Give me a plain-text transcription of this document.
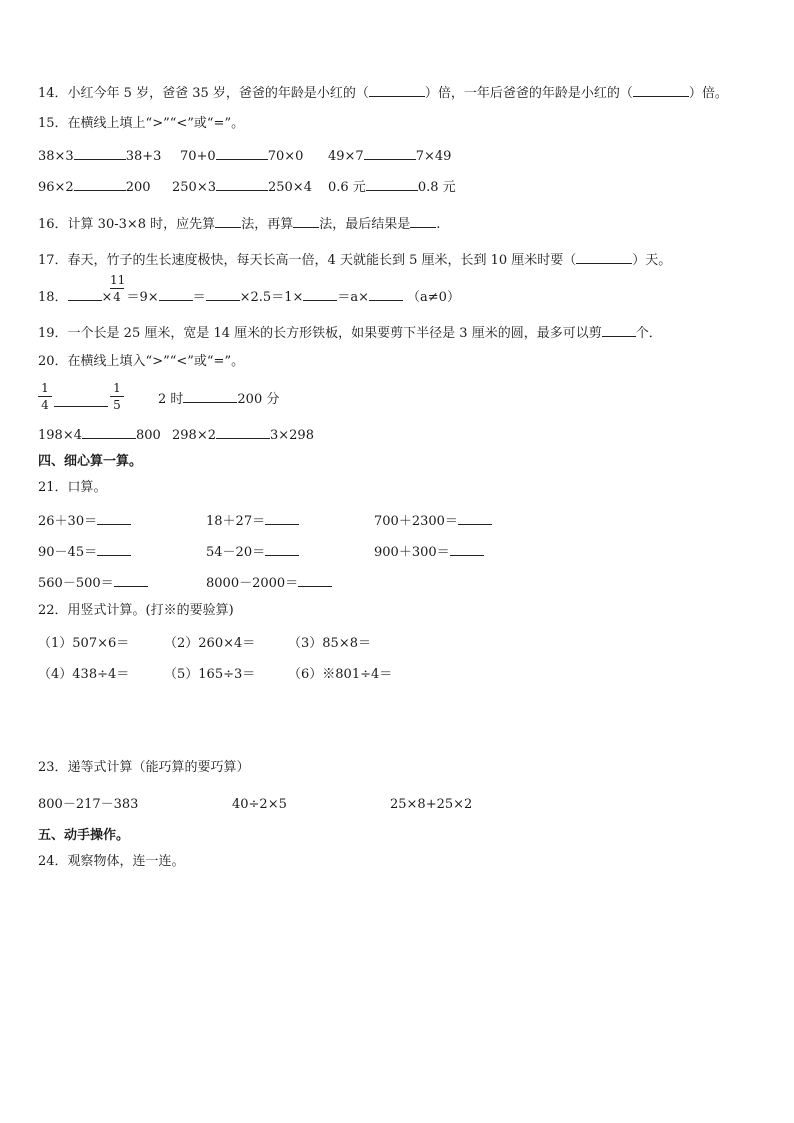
14．小红今年 5 岁，爸爸 35 岁，爸爸的年龄是小红的（	）倍，一年后爸爸的年龄是小红的（	）倍。
15．在横线上填上“>”“<”或“=”。
38×3	38+3 70+0	70×0 49×7	7×49
96×2	200 250×3	250×4 0.6 元	0.8 元
16．计算 30-3×8 时，应先算 法，再算 法，最后结果是 .
17．春天，竹子的生长速度极快，每天长高一倍，4 天就能长到 5 厘米，长到 10 厘米时要（	）天。
18．	× ＝9×	＝	×2.5＝1×	＝a×	（a≠0）
$\frac{11}{4}$
19．一个长是 25 厘米，宽是 14 厘米的长方形铁板，如果要剪下半径是 3 厘米的圆，最多可以剪	个．
20．在横线上填入“>”“<”或“=”。
$\frac{1}{4}$	$\frac{1}{5}$	2 时	200 分
198×4	800 298×2	3×298
四、细心算一算。
21．口算。
26＋30＝	18＋27＝	700＋2300＝
90－45＝	54－20＝	900＋300＝
560－500＝	8000－2000＝
22．用竖式计算。(打※的要验算)
（1）507×6＝	（2）260×4＝	（3）85×8＝
（4）438÷4＝	（5）165÷3＝	（6）※801÷4＝
23．递等式计算（能巧算的要巧算）
800－217－383	40÷2×5	25×8+25×2
五、动手操作。
24．观察物体，连一连。
